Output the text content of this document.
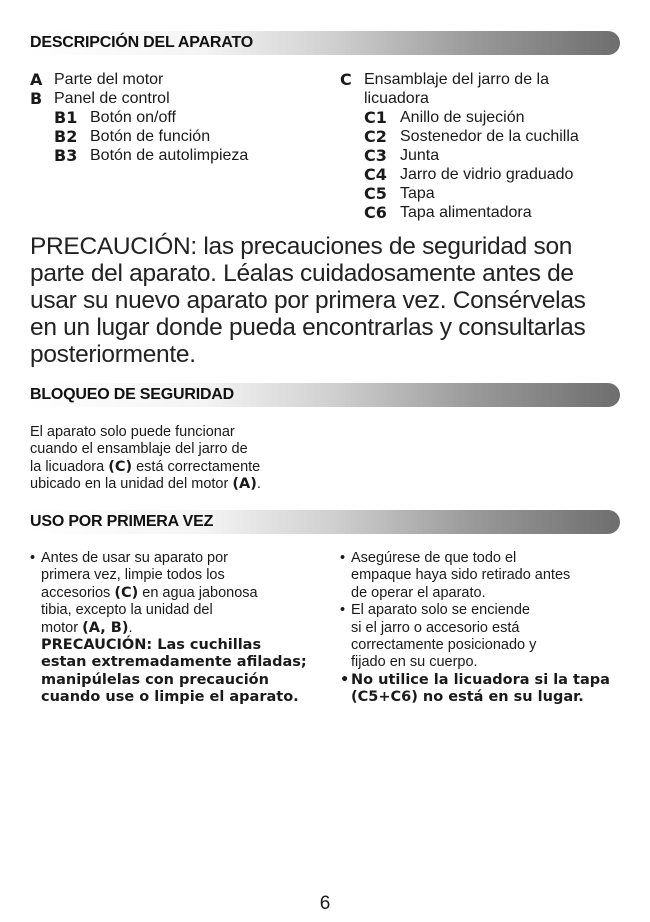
DESCRIPCIÓN DEL APARATO
A Parte del motor
B Panel de control
B1 Botón on/off
B2 Botón de función
B3 Botón de autolimpieza
C Ensamblaje del jarro de la
licuadora
C1 Anillo de sujeción
C2 Sostenedor de la cuchilla
C3 Junta
C4 Jarro de vidrio graduado
C5 Tapa
C6 Tapa alimentadora
PRECAUCIÓN: las precauciones de seguridad son
parte del aparato. Léalas cuidadosamente antes de
usar su nuevo aparato por primera vez. Consérvelas
en un lugar donde pueda encontrarlas y consultarlas
posteriormente.
BLOQUEO DE SEGURIDAD
El aparato solo puede funcionar
cuando el ensamblaje del jarro de
la licuadora (C) está correctamente
ubicado en la unidad del motor (A).
USO POR PRIMERA VEZ
• Antes de usar su aparato por
primera vez, limpie todos los
accesorios (C) en agua jabonosa
tibia, excepto la unidad del
motor (A, B).
PRECAUCIÓN: Las cuchillas
estan extremadamente afiladas;
manipúlelas con precaución
cuando use o limpie el aparato.
• Asegúrese de que todo el
empaque haya sido retirado antes
de operar el aparato.
• El aparato solo se enciende
si el jarro o accesorio está
correctamente posicionado y
fijado en su cuerpo.
• No utilice la licuadora si la tapa
(C5+C6) no está en su lugar.
6
